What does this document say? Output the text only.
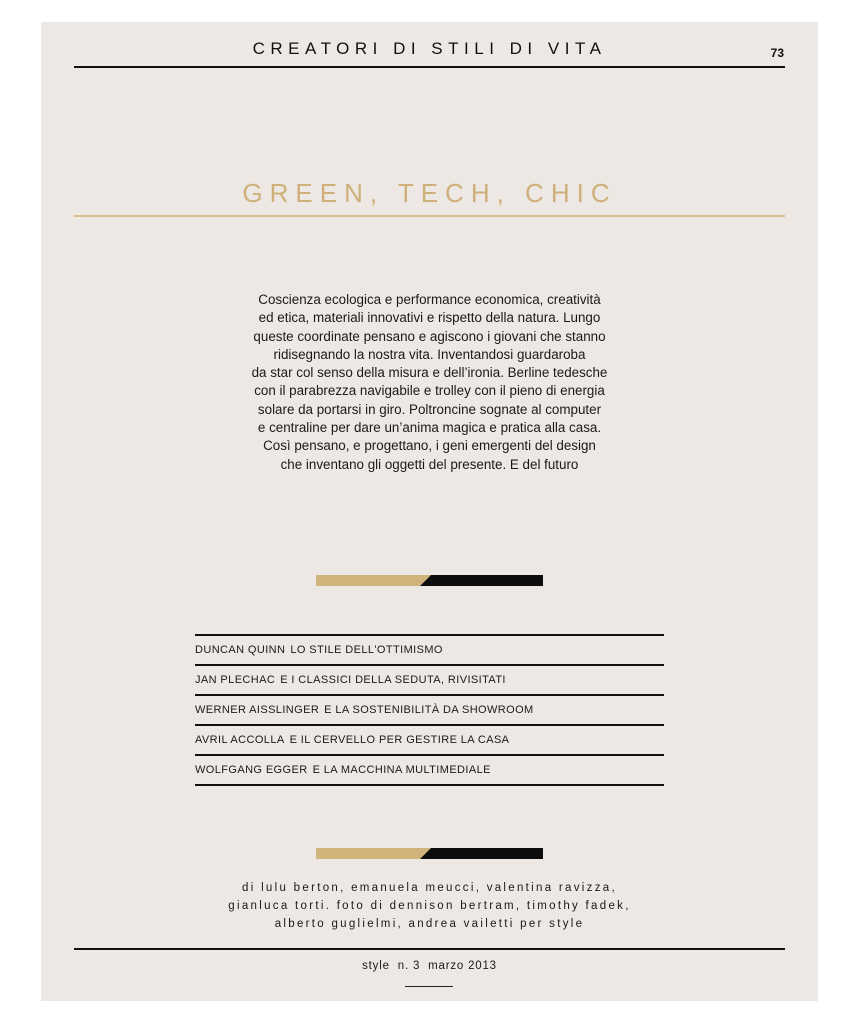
CREATORI DI STILI DI VITA	73
GREEN, TECH, CHIC
Coscienza ecologica e performance economica, creatività
ed etica, materiali innovativi e rispetto della natura. Lungo
queste coordinate pensano e agiscono i giovani che stanno
ridisegnando la nostra vita. Inventandosi guardaroba
da star col senso della misura e dell’ironia. Berline tedesche
con il parabrezza navigabile e trolley con il pieno di energia
solare da portarsi in giro. Poltroncine sognate al computer
e centraline per dare un’anima magica e pratica alla casa.
Così pensano, e progettano, i geni emergenti del design
che inventano gli oggetti del presente. E del futuro
DUNCAN QUINN LO STILE DELL'OTTIMISMO
JAN PLECHAC E I CLASSICI DELLA SEDUTA, RIVISITATI
WERNER AISSLINGER E LA SOSTENIBILITÀ DA SHOWROOM
AVRIL ACCOLLA E IL CERVELLO PER GESTIRE LA CASA
WOLFGANG EGGER E LA MACCHINA MULTIMEDIALE
di lulu berton, emanuela meucci, valentina ravizza,
gianluca torti. foto di dennison bertram, timothy fadek,
alberto guglielmi, andrea vailetti per style
style  n. 3  marzo 2013
